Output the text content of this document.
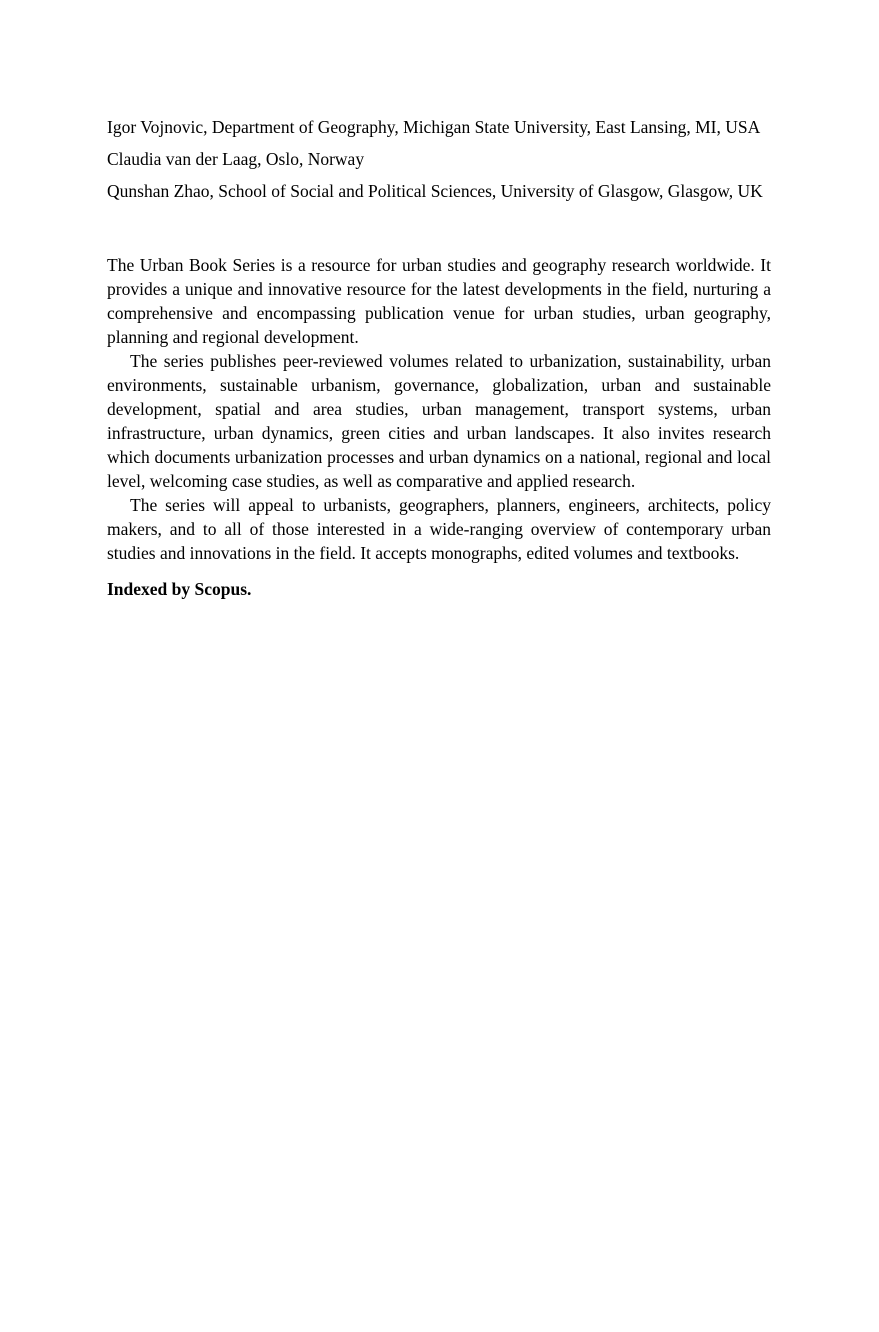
Igor Vojnovic, Department of Geography, Michigan State University, East Lansing, MI, USA

Claudia van der Laag, Oslo, Norway

Qunshan Zhao, School of Social and Political Sciences, University of Glasgow, Glasgow, UK

The Urban Book Series is a resource for urban studies and geography research worldwide. It provides a unique and innovative resource for the latest developments in the field, nurturing a comprehensive and encompassing publication venue for urban studies, urban geography, planning and regional development.

The series publishes peer-reviewed volumes related to urbanization, sustainability, urban environments, sustainable urbanism, governance, globalization, urban and sustainable development, spatial and area studies, urban management, transport systems, urban infrastructure, urban dynamics, green cities and urban landscapes. It also invites research which documents urbanization processes and urban dynamics on a national, regional and local level, welcoming case studies, as well as comparative and applied research.

The series will appeal to urbanists, geographers, planners, engineers, architects, policy makers, and to all of those interested in a wide-ranging overview of contemporary urban studies and innovations in the field. It accepts monographs, edited volumes and textbooks.

Indexed by Scopus.
